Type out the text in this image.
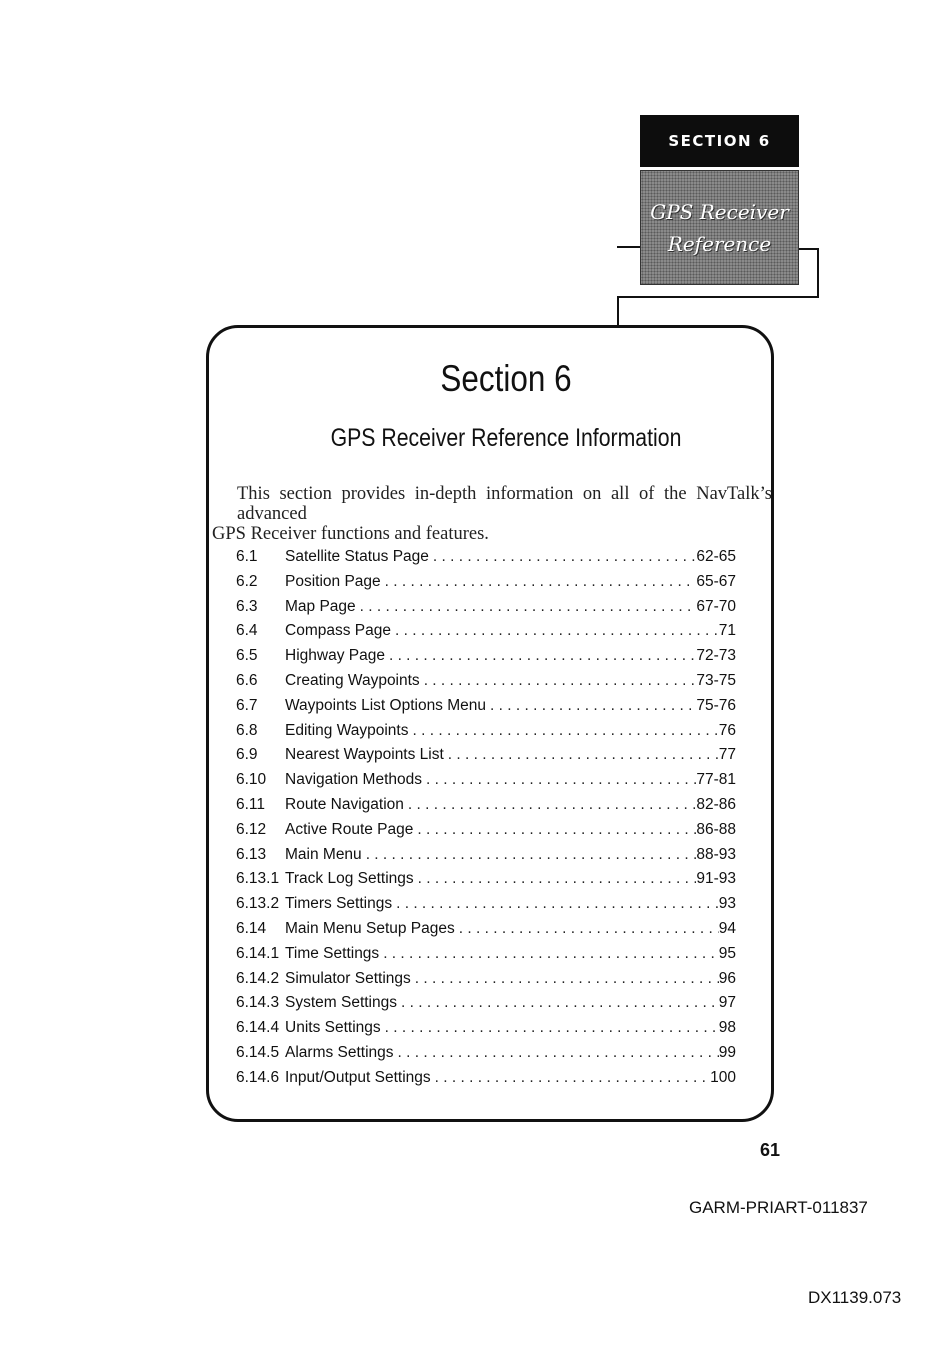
SECTION 6
GPS Receiver
Reference
Section 6
GPS Receiver Reference Information
This section provides in-depth information on all of the NavTalk’s advanced
GPS Receiver functions and features.
6.1	Satellite Status Page . . .	62-65
6.2	Position Page . . .	65-67
6.3	Map Page . . .	67-70
6.4	Compass Page . . .	71
6.5	Highway Page . . .	72-73
6.6	Creating Waypoints . . .	73-75
6.7	Waypoints List Options Menu . . .	75-76
6.8	Editing Waypoints . . .	76
6.9	Nearest Waypoints List . . .	77
6.10	Navigation Methods . . .	77-81
6.11	Route Navigation . . .	82-86
6.12	Active Route Page . . .	86-88
6.13	Main Menu . . .	88-93
6.13.1 Track Log Settings . . .	91-93
6.13.2 Timers Settings . . .	93
6.14	Main Menu Setup Pages . . .	94
6.14.1 Time Settings . . .	95
6.14.2 Simulator Settings . . .	96
6.14.3 System Settings . . .	97
6.14.4 Units Settings . . .	98
6.14.5 Alarms Settings . . .	99
6.14.6 Input/Output Settings . . .	100
61
GARM-PRIART-011837
DX1139.073
